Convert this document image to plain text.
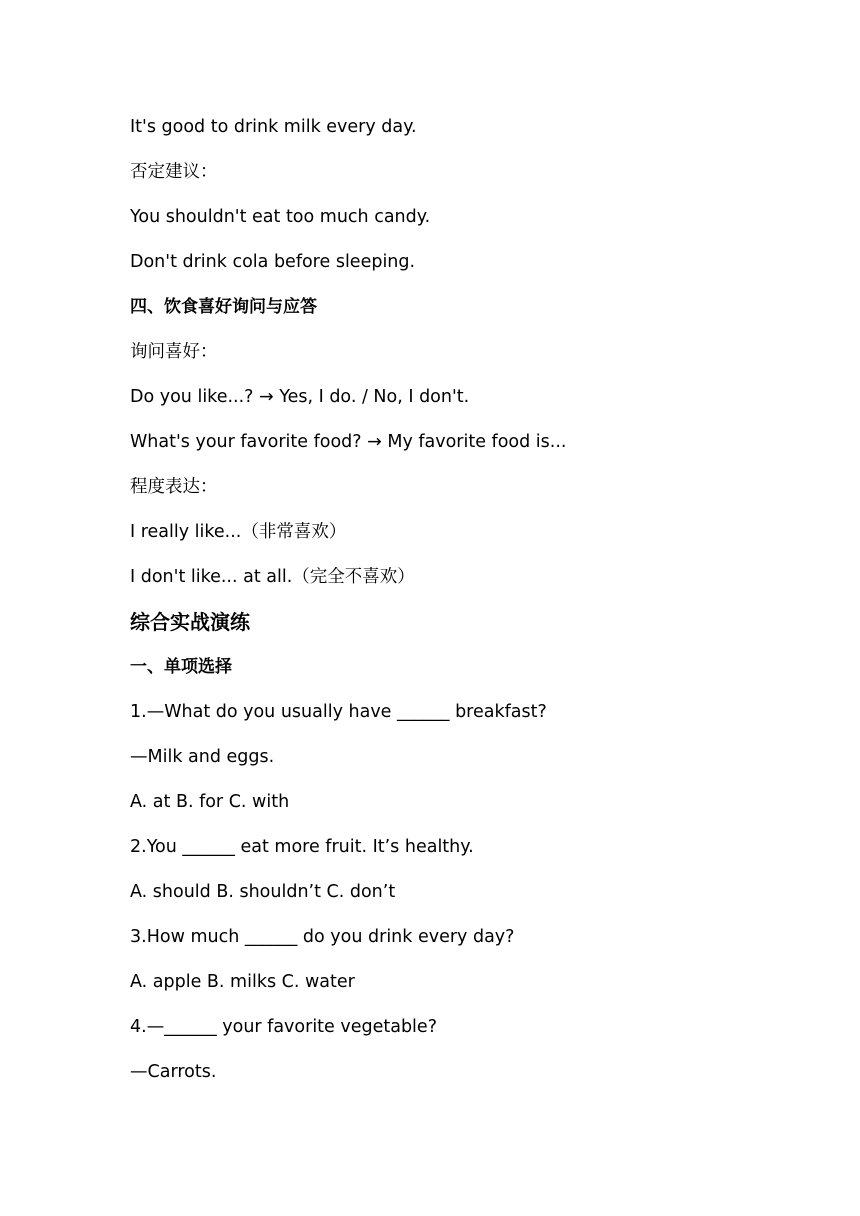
It's good to drink milk every day.
否定建议：
You shouldn't eat too much candy.
Don't drink cola before sleeping.
四、饮食喜好询问与应答
询问喜好：
Do you like...? → Yes, I do. / No, I don't.
What's your favorite food? → My favorite food is...
程度表达：
I really like...（非常喜欢）
I don't like... at all.（完全不喜欢）
综合实战演练
一、单项选择
1.—What do you usually have ______ breakfast?
—Milk and eggs.
A. at B. for C. with
2.You ______ eat more fruit. It’s healthy.
A. should B. shouldn’t C. don’t
3.How much ______ do you drink every day?
A. apple B. milks C. water
4.—______ your favorite vegetable?
—Carrots.
